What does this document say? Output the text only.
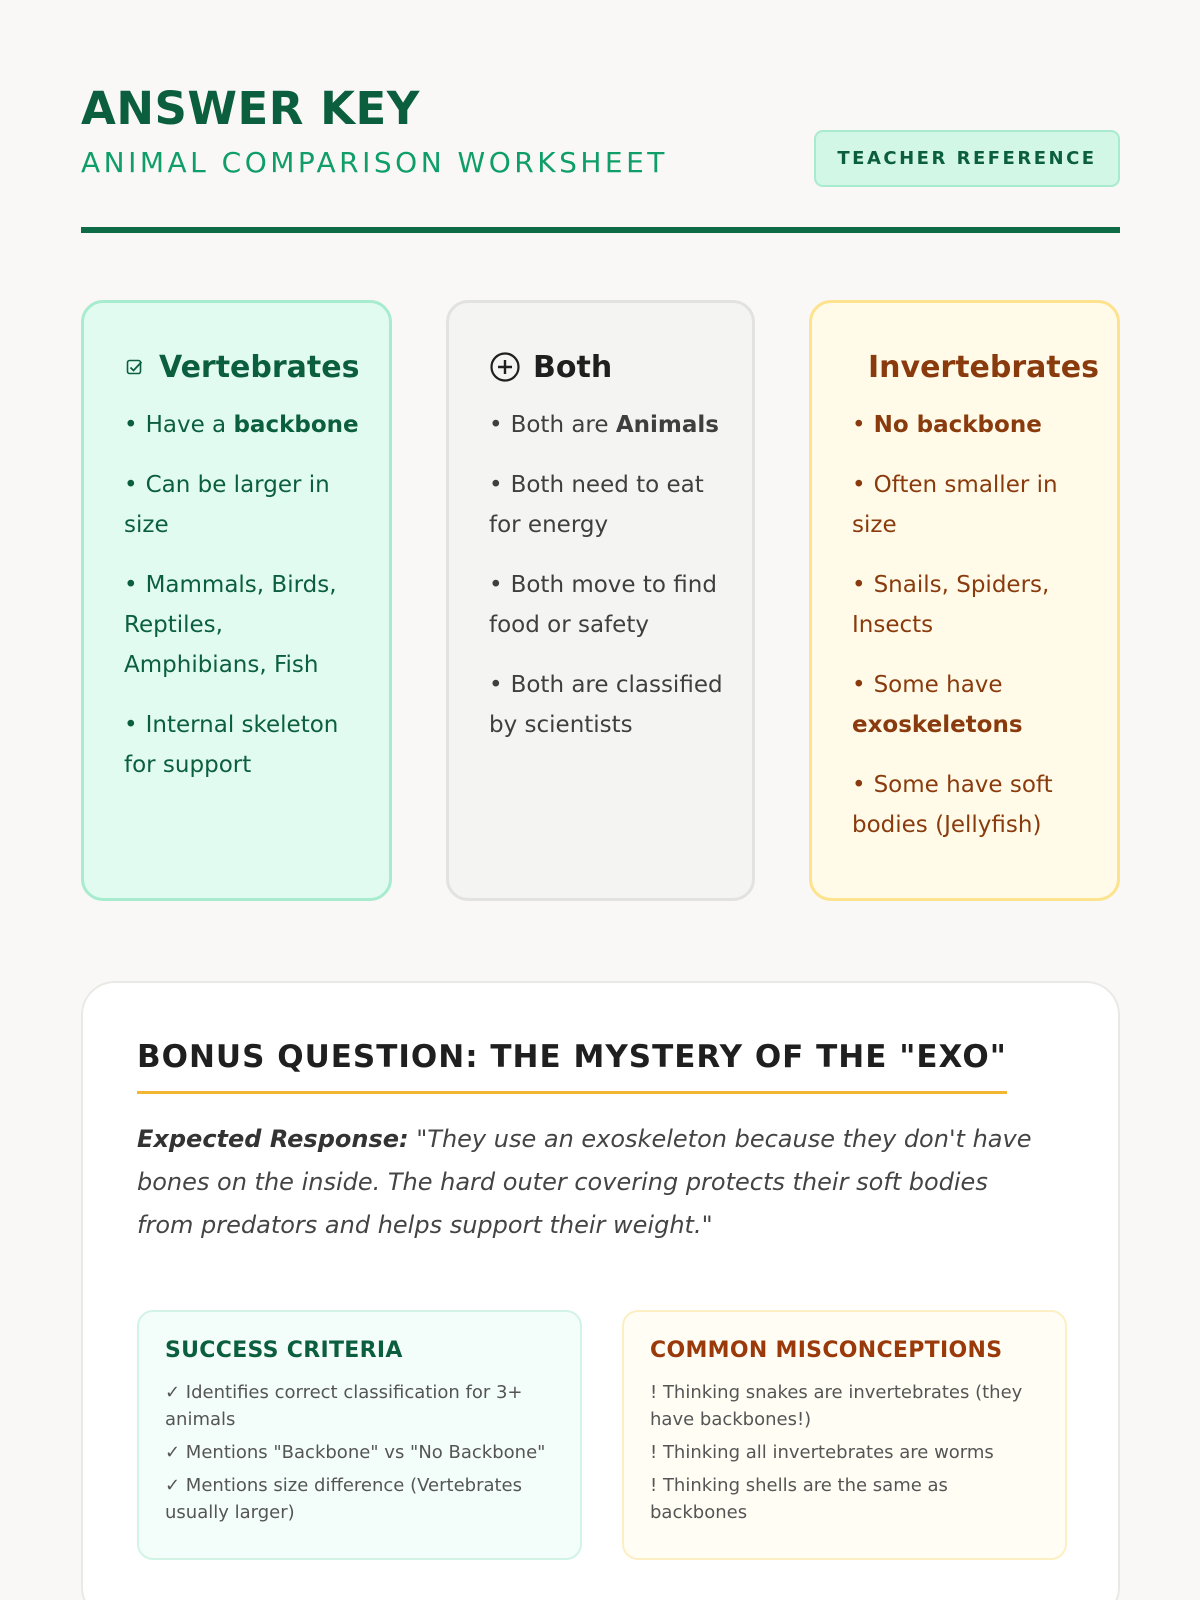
ANSWER KEY
ANIMAL COMPARISON WORKSHEET	TEACHER REFERENCE
Vertebrates
• Have a backbone
• Can be larger in size
• Mammals, Birds, Reptiles, Amphibians, Fish
• Internal skeleton for support
Both
• Both are Animals
• Both need to eat for energy
• Both move to find food or safety
• Both are classified by scientists
Invertebrates
• No backbone
• Often smaller in size
• Snails, Spiders, Insects
• Some have exoskeletons
• Some have soft bodies (Jellyfish)
BONUS QUESTION: THE MYSTERY OF THE "EXO"

Expected Response: "They use an exoskeleton because they don't have bones on the inside. The hard outer covering protects their soft bodies from predators and helps support their weight."

SUCCESS CRITERIA
✓ Identifies correct classification for 3+ animals
✓ Mentions "Backbone" vs "No Backbone"
✓ Mentions size difference (Vertebrates usually larger)
COMMON MISCONCEPTIONS
! Thinking snakes are invertebrates (they have backbones!)
! Thinking all invertebrates are worms
! Thinking shells are the same as backbones
